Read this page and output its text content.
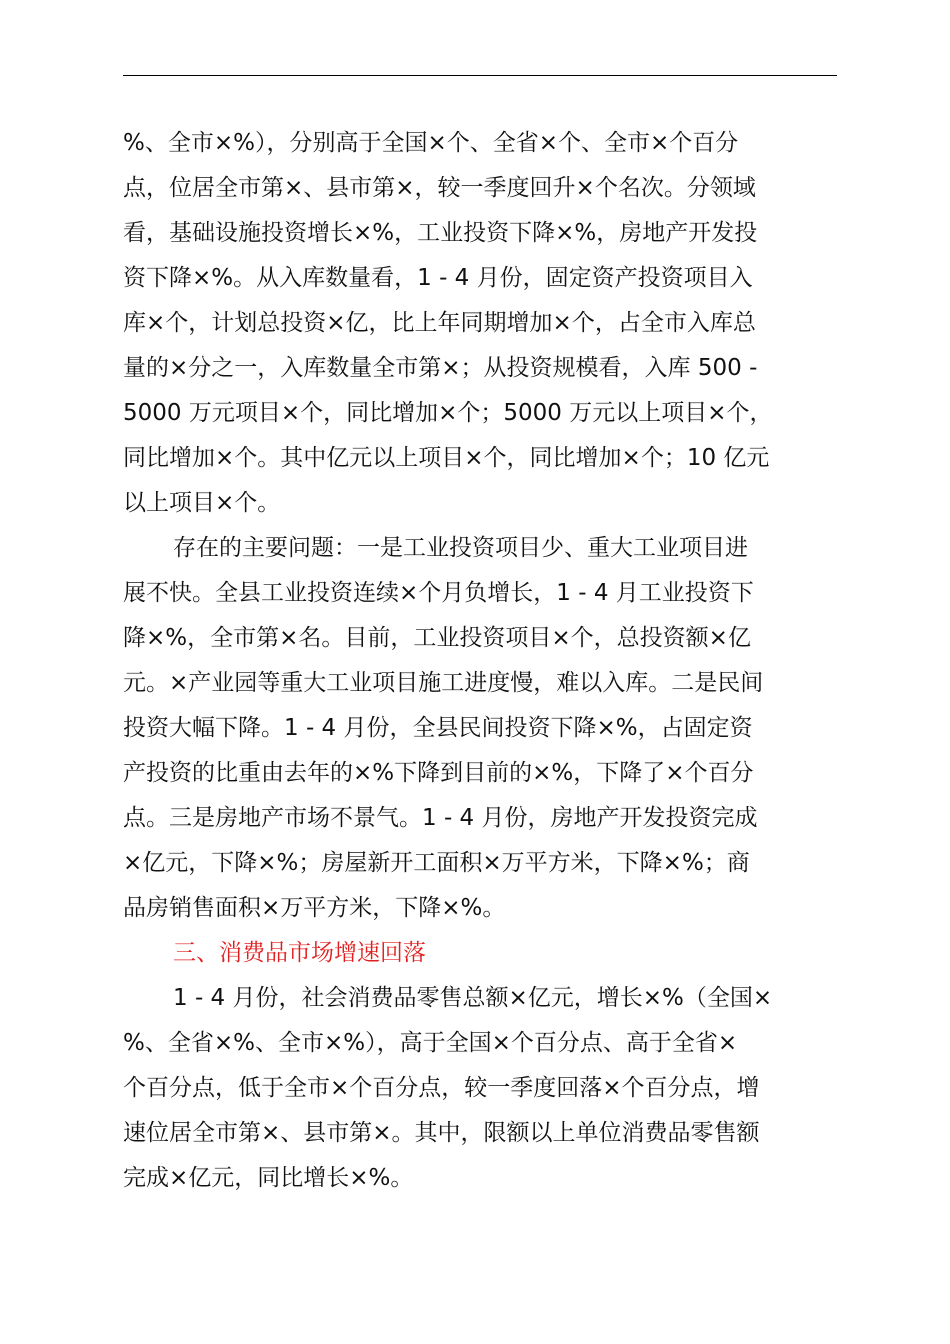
%、全市×%），分别高于全国×个、全省×个、全市×个百分
点，位居全市第×、县市第×，较一季度回升×个名次。分领域
看，基础设施投资增长×%，工业投资下降×%，房地产开发投
资下降×%。从入库数量看，1 - 4 月份，固定资产投资项目入
库×个，计划总投资×亿，比上年同期增加×个，占全市入库总
量的×分之一，入库数量全市第×；从投资规模看，入库 500 -
5000 万元项目×个，同比增加×个；5000 万元以上项目×个，
同比增加×个。其中亿元以上项目×个，同比增加×个；10 亿元
以上项目×个。
存在的主要问题：一是工业投资项目少、重大工业项目进
展不快。全县工业投资连续×个月负增长，1 - 4 月工业投资下
降×%，全市第×名。目前，工业投资项目×个，总投资额×亿
元。×产业园等重大工业项目施工进度慢，难以入库。二是民间
投资大幅下降。1 - 4 月份，全县民间投资下降×%，占固定资
产投资的比重由去年的×%下降到目前的×%，下降了×个百分
点。三是房地产市场不景气。1 - 4 月份，房地产开发投资完成
×亿元，下降×%；房屋新开工面积×万平方米，下降×%；商
品房销售面积×万平方米，下降×%。
三、消费品市场增速回落
1 - 4 月份，社会消费品零售总额×亿元，增长×%（全国×
%、全省×%、全市×%），高于全国×个百分点、高于全省×
个百分点，低于全市×个百分点，较一季度回落×个百分点，增
速位居全市第×、县市第×。其中，限额以上单位消费品零售额
完成×亿元，同比增长×%。
